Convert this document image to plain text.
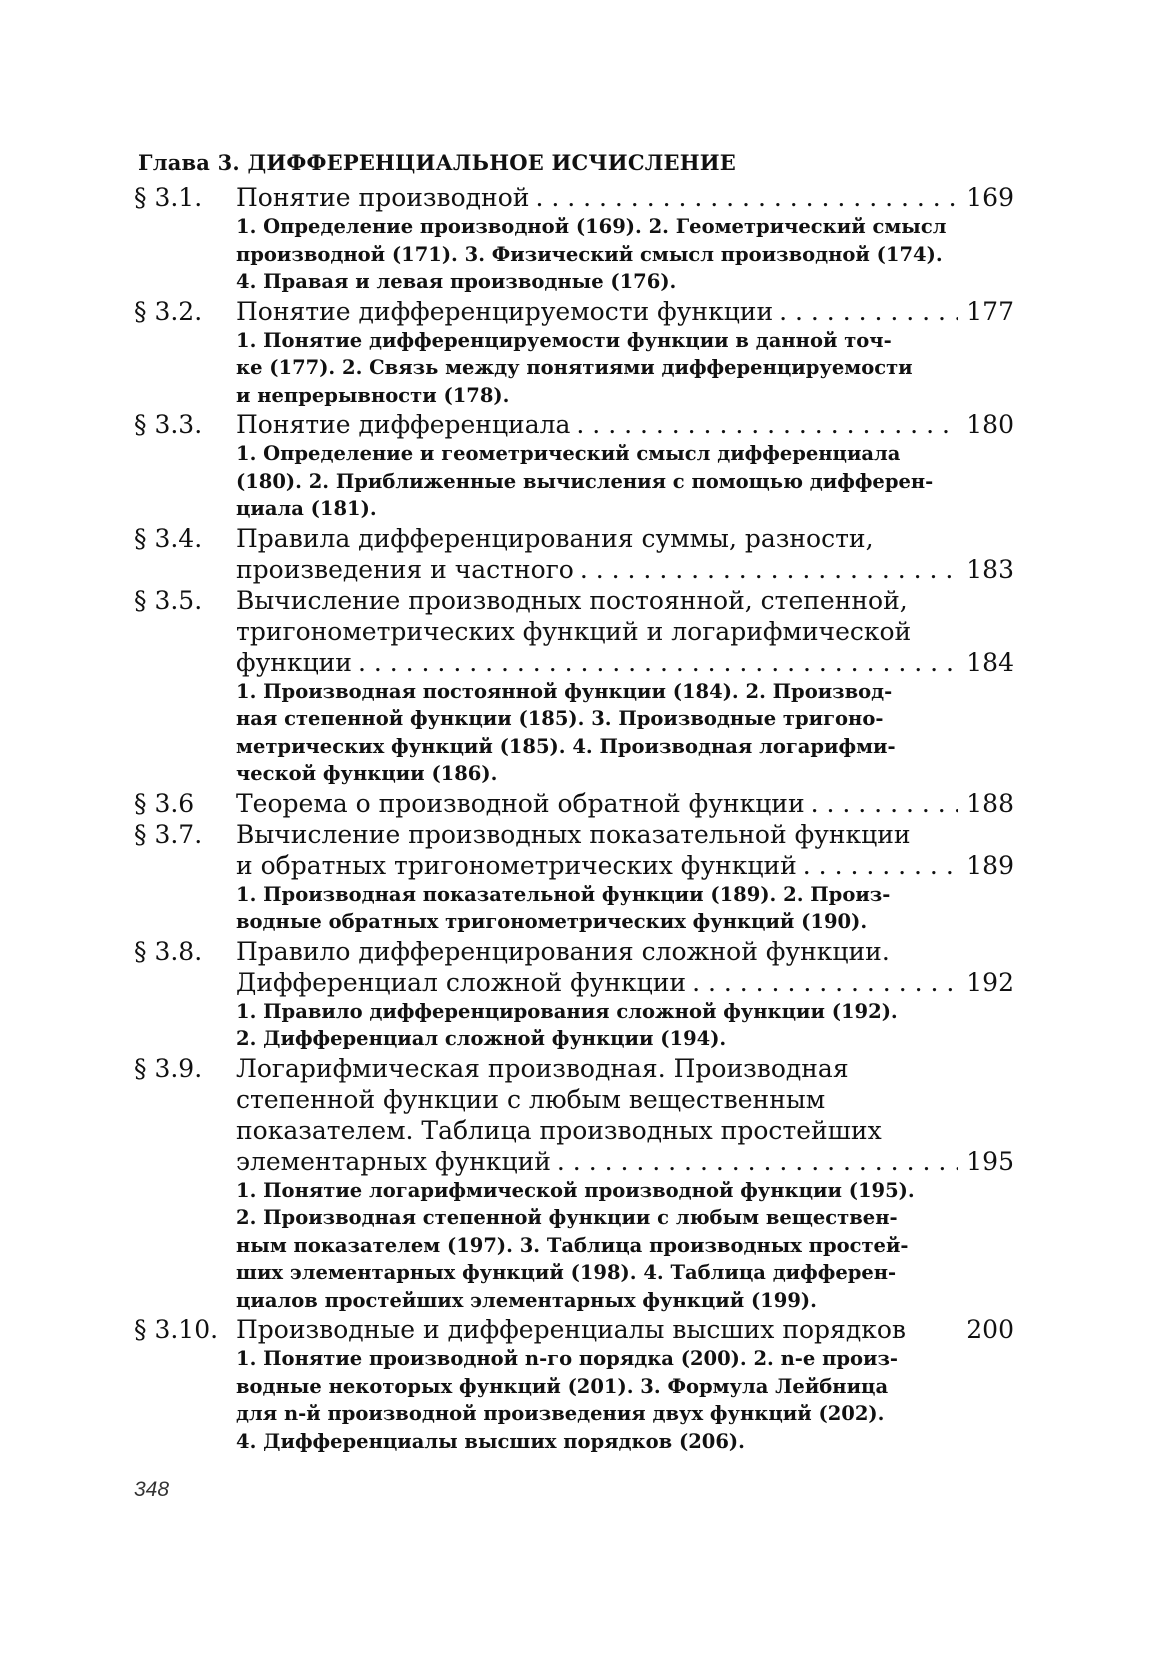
Глава 3. ДИФФЕРЕНЦИАЛЬНОЕ ИСЧИСЛЕНИЕ
§ 3.1.	Понятие производной . . .	169
1. Определение производной (169). 2. Геометрический смысл
производной (171). 3. Физический смысл производной (174).
4. Правая и левая производные (176).
§ 3.2.	Понятие дифференцируемости функции . . .	177
1. Понятие дифференцируемости функции в данной точ-
ке (177). 2. Связь между понятиями дифференцируемости
и непрерывности (178).
§ 3.3.	Понятие дифференциала . . .	180
1. Определение и геометрический смысл дифференциала
(180). 2. Приближенные вычисления с помощью дифферен-
циала (181).
§ 3.4.	Правила дифференцирования суммы, разности,
произведения и частного . . .	183
§ 3.5.	Вычисление производных постоянной, степенной,
тригонометрических функций и логарифмической
функции . . .	184
1. Производная постоянной функции (184). 2. Производ-
ная степенной функции (185). 3. Производные тригоно-
метрических функций (185). 4. Производная логарифми-
ческой функции (186).
§ 3.6	Теорема о производной обратной функции . . .	188
§ 3.7.	Вычисление производных показательной функции
и обратных тригонометрических функций . . .	189
1. Производная показательной функции (189). 2. Произ-
водные обратных тригонометрических функций (190).
§ 3.8.	Правило дифференцирования сложной функции.
Дифференциал сложной функции . . .	192
1. Правило дифференцирования сложной функции (192).
2. Дифференциал сложной функции (194).
§ 3.9.	Логарифмическая производная. Производная
степенной функции с любым вещественным
показателем. Таблица производных простейших
элементарных функций . . .	195
1. Понятие логарифмической производной функции (195).
2. Производная степенной функции с любым веществен-
ным показателем (197). 3. Таблица производных простей-
ших элементарных функций (198). 4. Таблица дифферен-
циалов простейших элементарных функций (199).
§ 3.10. Производные и дифференциалы высших порядков 200
1. Понятие производной n-го порядка (200). 2. n-е произ-
водные некоторых функций (201). 3. Формула Лейбница
для n-й производной произведения двух функций (202).
4. Дифференциалы высших порядков (206).
348
